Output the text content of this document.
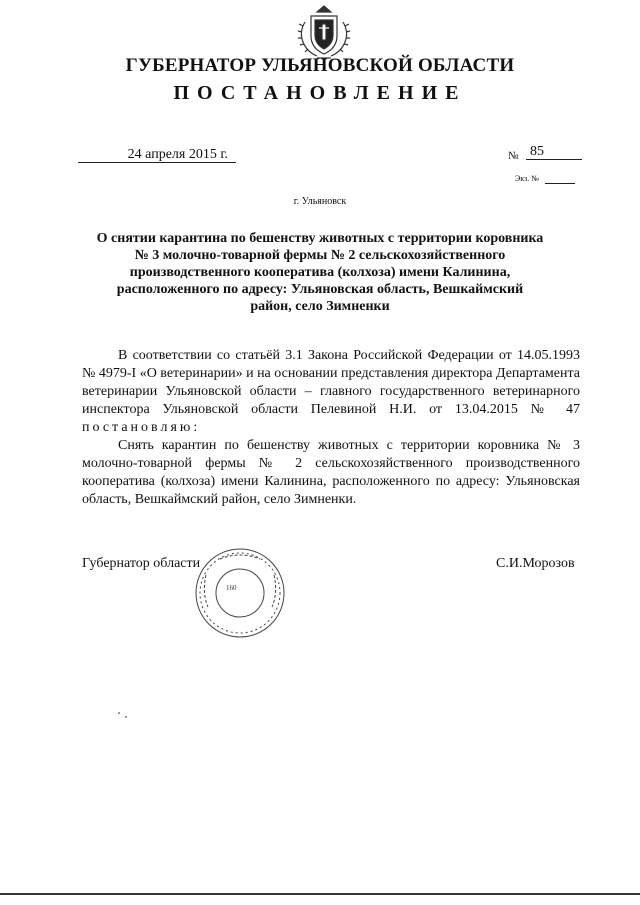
ГУБЕРНАТОР УЛЬЯНОВСКОЙ ОБЛАСТИ
ПОСТАНОВЛЕНИЕ
24 апреля 2015 г.	№ 85
Экз. №
г. Ульяновск
О снятии карантина по бешенству животных с территории коровника № 3 молочно-товарной фермы № 2 сельскохозяйственного производственного кооператива (колхоза) имени Калинина, расположенного по адресу: Ульяновская область, Вешкаймский район, село Зимненки

В соответствии со статьёй 3.1 Закона Российской Федерации от 14.05.1993 № 4979-I «О ветеринарии» и на основании представления директора Департамента ветеринарии Ульяновской области – главного государственного ветеринарного инспектора Ульяновской области Пелевиной Н.И. от 13.04.2015 № 47 постановляю:

Снять карантин по бешенству животных с территории коровника № 3 молочно-товарной фермы № 2 сельскохозяйственного производственного кооператива (колхоза) имени Калинина, расположенного по адресу: Ульяновская область, Вешкаймский район, село Зимненки.

Губернатор области	С.И.Морозов
160
